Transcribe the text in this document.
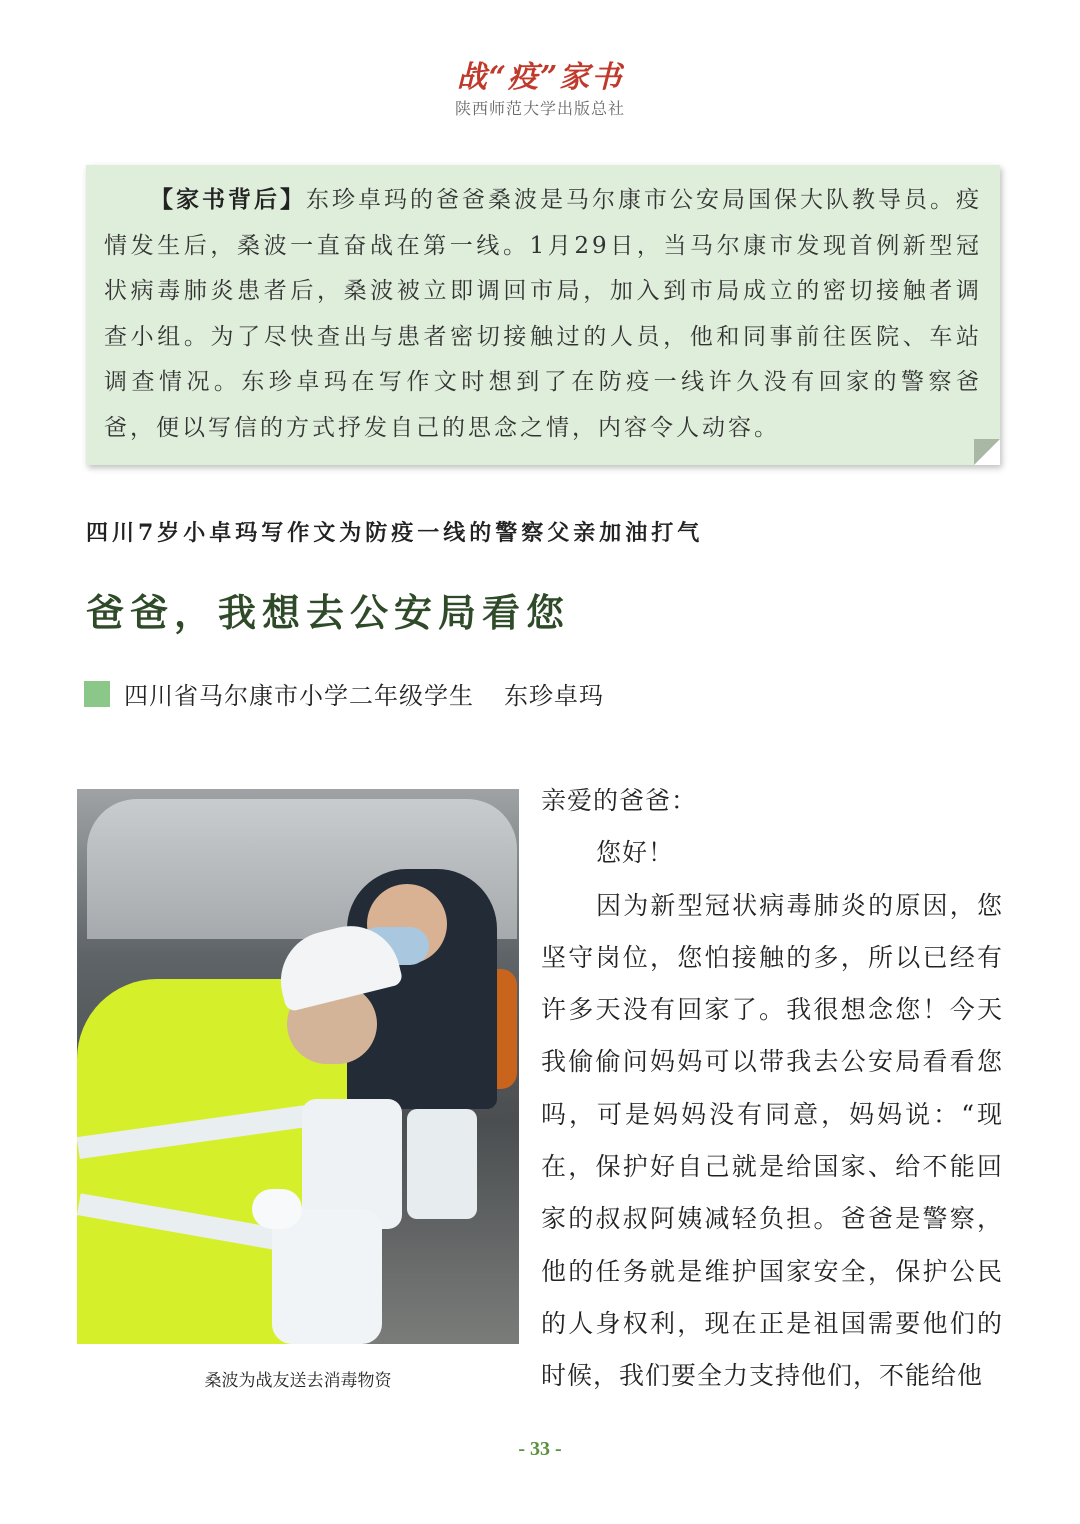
战“疫”家书
陕西师范大学出版总社

【家书背后】东珍卓玛的爸爸桑波是马尔康市公安局国保大队教导员。疫情发生后，桑波一直奋战在第一线。1月29日，当马尔康市发现首例新型冠状病毒肺炎患者后，桑波被立即调回市局，加入到市局成立的密切接触者调查小组。为了尽快查出与患者密切接触过的人员，他和同事前往医院、车站调查情况。东珍卓玛在写作文时想到了在防疫一线许久没有回家的警察爸爸，便以写信的方式抒发自己的思念之情，内容令人动容。

四川7岁小卓玛写作文为防疫一线的警察父亲加油打气
爸爸，我想去公安局看您
四川省马尔康市小学二年级学生 东珍卓玛
桑波为战友送去消毒物资

亲爱的爸爸：

您好！

因为新型冠状病毒肺炎的原因，您坚守岗位，您怕接触的多，所以已经有许多天没有回家了。我很想念您！今天我偷偷问妈妈可以带我去公安局看看您吗，可是妈妈没有同意，妈妈说：“现在，保护好自己就是给国家、给不能回家的叔叔阿姨减轻负担。爸爸是警察，他的任务就是维护国家安全，保护公民的人身权利，现在正是祖国需要他们的时候，我们要全力支持他们，不能给他

- 33 -
